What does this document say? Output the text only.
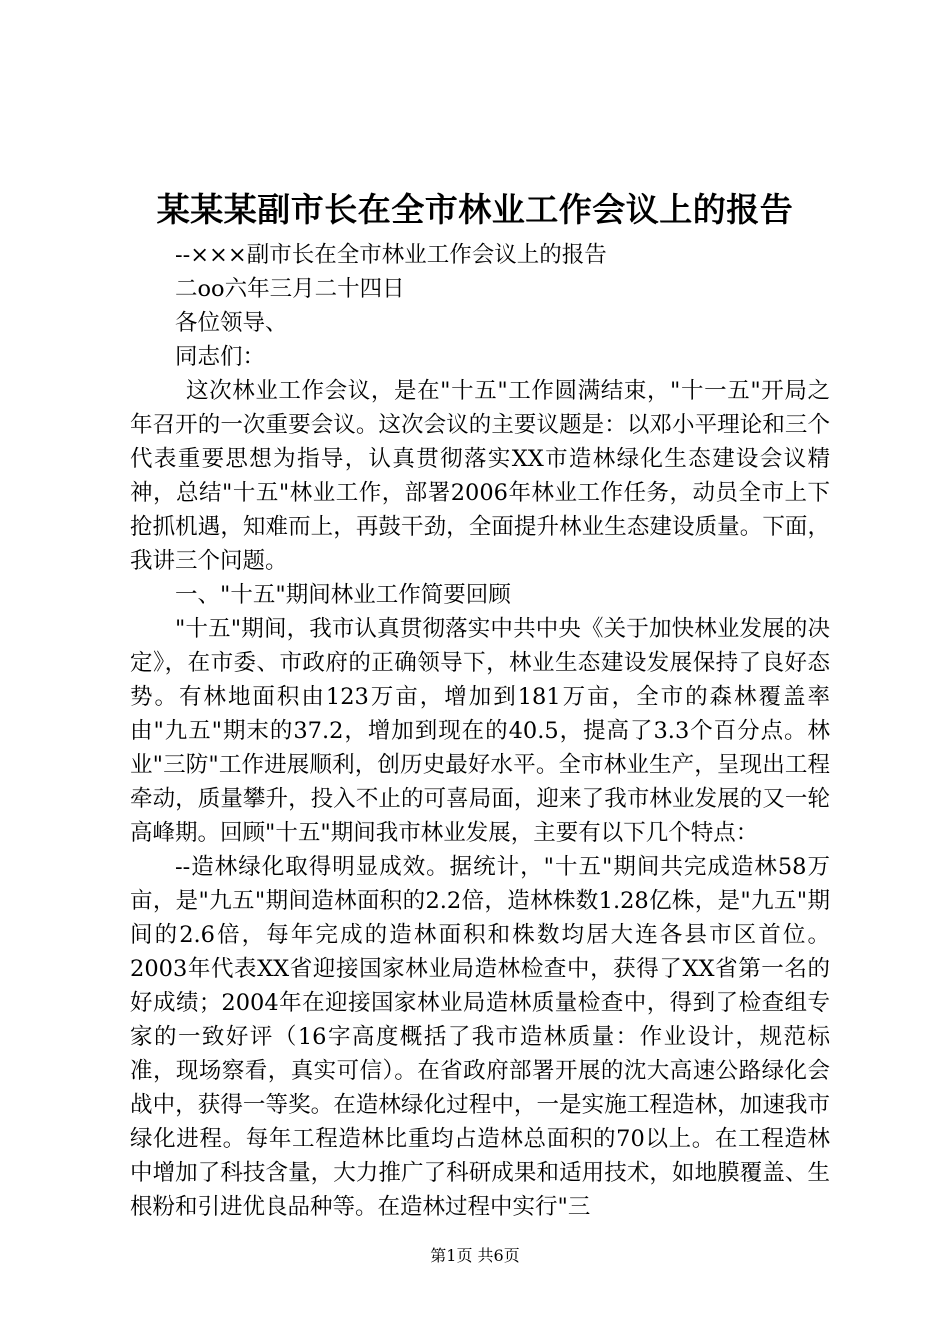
某某某副市长在全市林业工作会议上的报告

--×××副市长在全市林业工作会议上的报告

二oo六年三月二十四日

各位领导、

同志们：

这次林业工作会议，是在"十五"工作圆满结束，"十一五"开局之年召开的一次重要会议。这次会议的主要议题是：以邓小平理论和三个代表重要思想为指导，认真贯彻落实XX市造林绿化生态建设会议精神，总结"十五"林业工作，部署2006年林业工作任务，动员全市上下抢抓机遇，知难而上，再鼓干劲，全面提升林业生态建设质量。下面，我讲三个问题。

一、"十五"期间林业工作简要回顾

"十五"期间，我市认真贯彻落实中共中央《关于加快林业发展的决定》，在市委、市政府的正确领导下，林业生态建设发展保持了良好态势。有林地面积由123万亩，增加到181万亩，全市的森林覆盖率由"九五"期末的37.2，增加到现在的40.5，提高了3.3个百分点。林业"三防"工作进展顺利，创历史最好水平。全市林业生产，呈现出工程牵动，质量攀升，投入不止的可喜局面，迎来了我市林业发展的又一轮高峰期。回顾"十五"期间我市林业发展，主要有以下几个特点：

--造林绿化取得明显成效。据统计，"十五"期间共完成造林58万亩，是"九五"期间造林面积的2.2倍，造林株数1.28亿株，是"九五"期间的2.6倍，每年完成的造林面积和株数均居大连各县市区首位。2003年代表XX省迎接国家林业局造林检查中，获得了XX省第一名的好成绩；2004年在迎接国家林业局造林质量检查中，得到了检查组专家的一致好评（16字高度概括了我市造林质量：作业设计，规范标准，现场察看，真实可信）。在省政府部署开展的沈大高速公路绿化会战中，获得一等奖。在造林绿化过程中，一是实施工程造林，加速我市绿化进程。每年工程造林比重均占造林总面积的70以上。在工程造林中增加了科技含量，大力推广了科研成果和适用技术，如地膜覆盖、生根粉和引进优良品种等。在造林过程中实行"三

第1页 共6页
